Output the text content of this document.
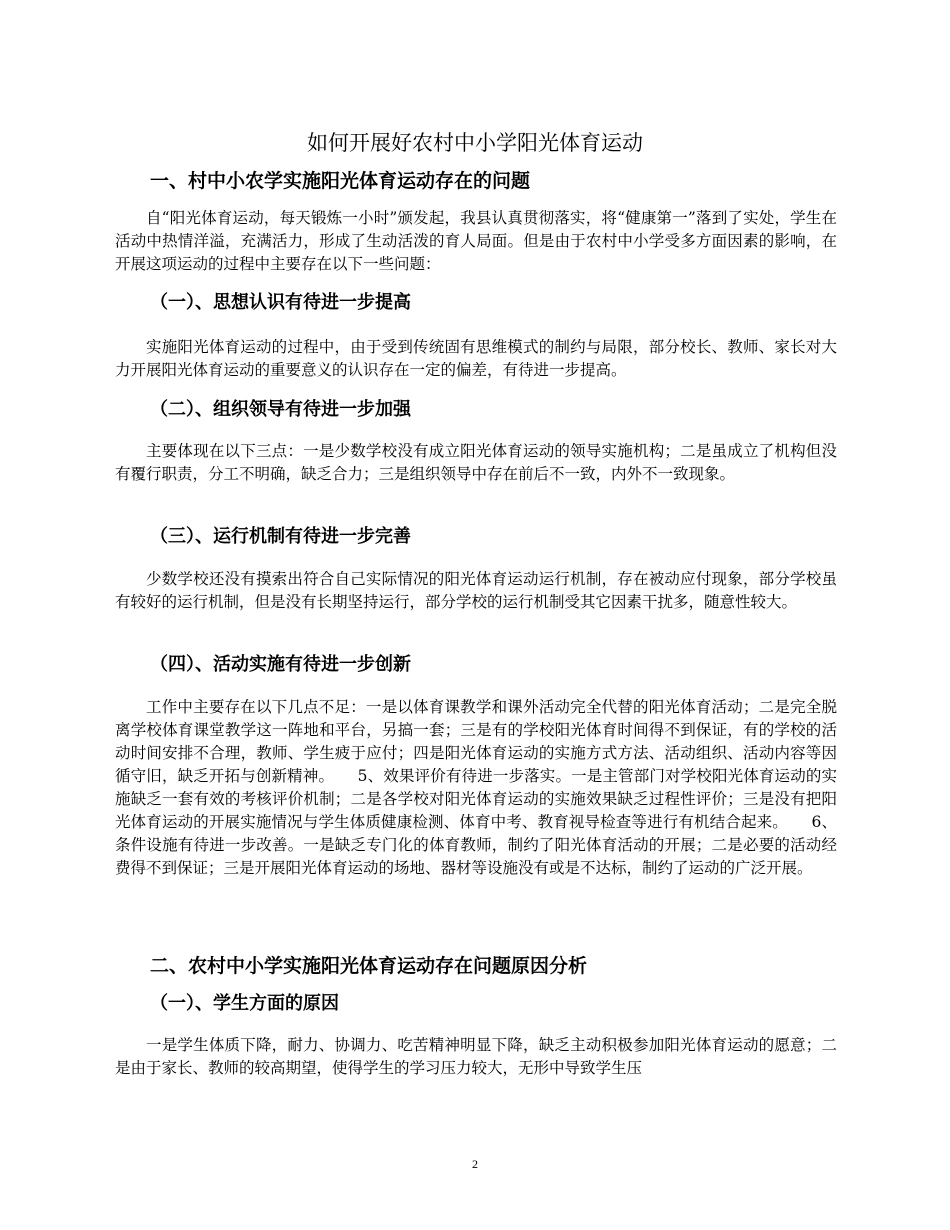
如何开展好农村中小学阳光体育运动
一、村中小农学实施阳光体育运动存在的问题
自“阳光体育运动，每天锻炼一小时”颁发起，我县认真贯彻落实，将“健康第一”落到了实处，学生在活动中热情洋溢，充满活力，形成了生动活泼的育人局面。但是由于农村中小学受多方面因素的影响，在开展这项运动的过程中主要存在以下一些问题：
（一）、思想认识有待进一步提高
实施阳光体育运动的过程中，由于受到传统固有思维模式的制约与局限，部分校长、教师、家长对大力开展阳光体育运动的重要意义的认识存在一定的偏差，有待进一步提高。
（二）、组织领导有待进一步加强
主要体现在以下三点：一是少数学校没有成立阳光体育运动的领导实施机构；二是虽成立了机构但没有覆行职责，分工不明确，缺乏合力；三是组织领导中存在前后不一致，内外不一致现象。
（三）、运行机制有待进一步完善
少数学校还没有摸索出符合自己实际情况的阳光体育运动运行机制，存在被动应付现象，部分学校虽有较好的运行机制，但是没有长期坚持运行，部分学校的运行机制受其它因素干扰多，随意性较大。
（四）、活动实施有待进一步创新
工作中主要存在以下几点不足：一是以体育课教学和课外活动完全代替的阳光体育活动；二是完全脱离学校体育课堂教学这一阵地和平台，另搞一套；三是有的学校阳光体育时间得不到保证，有的学校的活动时间安排不合理，教师、学生疲于应付；四是阳光体育运动的实施方式方法、活动组织、活动内容等因循守旧，缺乏开拓与创新精神。　　5、效果评价有待进一步落实。一是主管部门对学校阳光体育运动的实施缺乏一套有效的考核评价机制；二是各学校对阳光体育运动的实施效果缺乏过程性评价；三是没有把阳光体育运动的开展实施情况与学生体质健康检测、体育中考、教育视导检查等进行有机结合起来。　　6、条件设施有待进一步改善。一是缺乏专门化的体育教师，制约了阳光体育活动的开展；二是必要的活动经费得不到保证；三是开展阳光体育运动的场地、器材等设施没有或是不达标，制约了运动的广泛开展。
二、农村中小学实施阳光体育运动存在问题原因分析
（一）、学生方面的原因
一是学生体质下降，耐力、协调力、吃苦精神明显下降，缺乏主动积极参加阳光体育运动的愿意；二是由于家长、教师的较高期望，使得学生的学习压力较大，无形中导致学生压
2
